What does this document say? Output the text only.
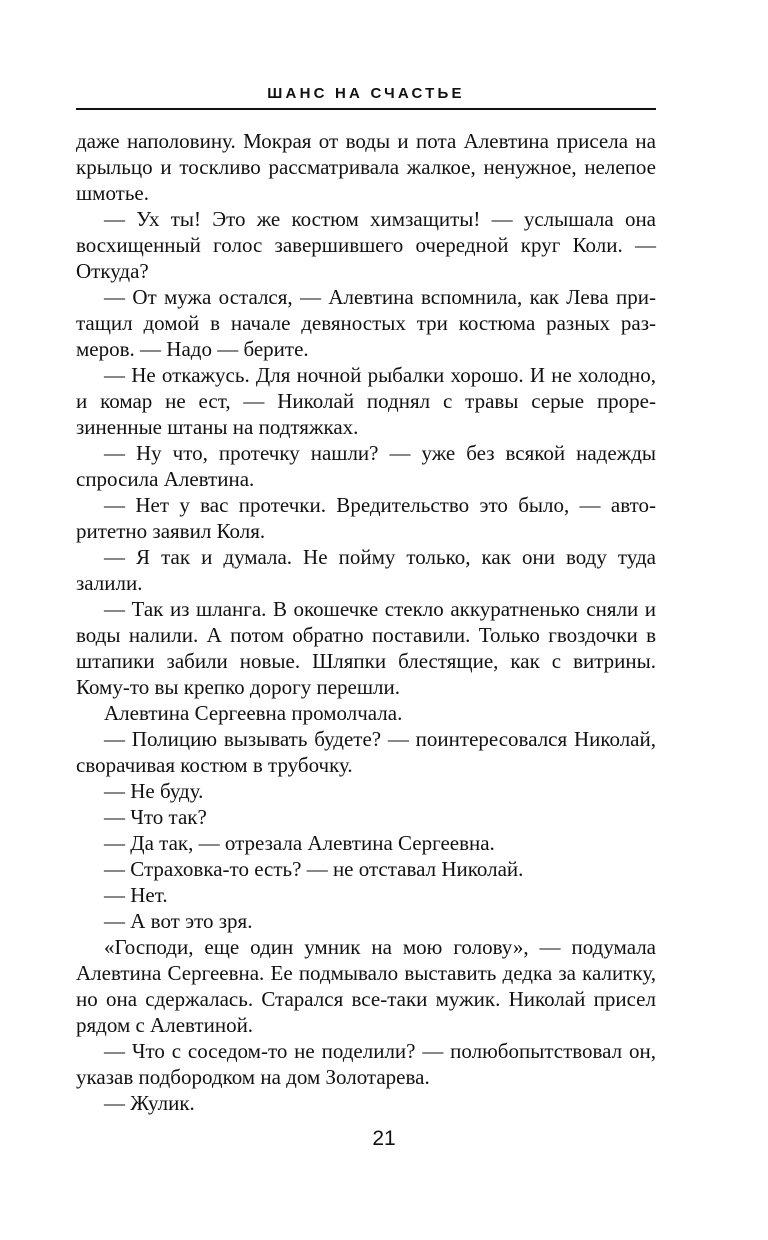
ШАНС НА СЧАСТЬЕ

даже наполовину. Мокрая от воды и пота Алевтина присела на крыльцо и тоскливо рассматривала жалкое, ненужное, нелепое шмотье.

— Ух ты! Это же костюм химзащиты! — услышала она восхищенный голос завершившего очередной круг Коли. — Откуда?

— От мужа остался, — Алевтина вспомнила, как Лева притащил домой в начале девяностых три костюма разных размеров. — Надо — берите.

— Не откажусь. Для ночной рыбалки хорошо. И не холодно, и комар не ест, — Николай поднял с травы серые прорезиненные штаны на подтяжках.

— Ну что, протечку нашли? — уже без всякой надежды спросила Алевтина.

— Нет у вас протечки. Вредительство это было, — авторитетно заявил Коля.

— Я так и думала. Не пойму только, как они воду туда залили.

— Так из шланга. В окошечке стекло аккуратненько сняли и воды налили. А потом обратно поставили. Только гвоздочки в штапики забили новые. Шляпки блестящие, как с витрины. Кому-то вы крепко дорогу перешли.

Алевтина Сергеевна промолчала.

— Полицию вызывать будете? — поинтересовался Николай, сворачивая костюм в трубочку.

— Не буду.

— Что так?

— Да так, — отрезала Алевтина Сергеевна.

— Страховка-то есть? — не отставал Николай.

— Нет.

— А вот это зря.

«Господи, еще один умник на мою голову», — подумала Алевтина Сергеевна. Ее подмывало выставить дедка за калитку, но она сдержалась. Старался все-таки мужик. Николай присел рядом с Алевтиной.

— Что с соседом-то не поделили? — полюбопытствовал он, указав подбородком на дом Золотарева.

— Жулик.

21
